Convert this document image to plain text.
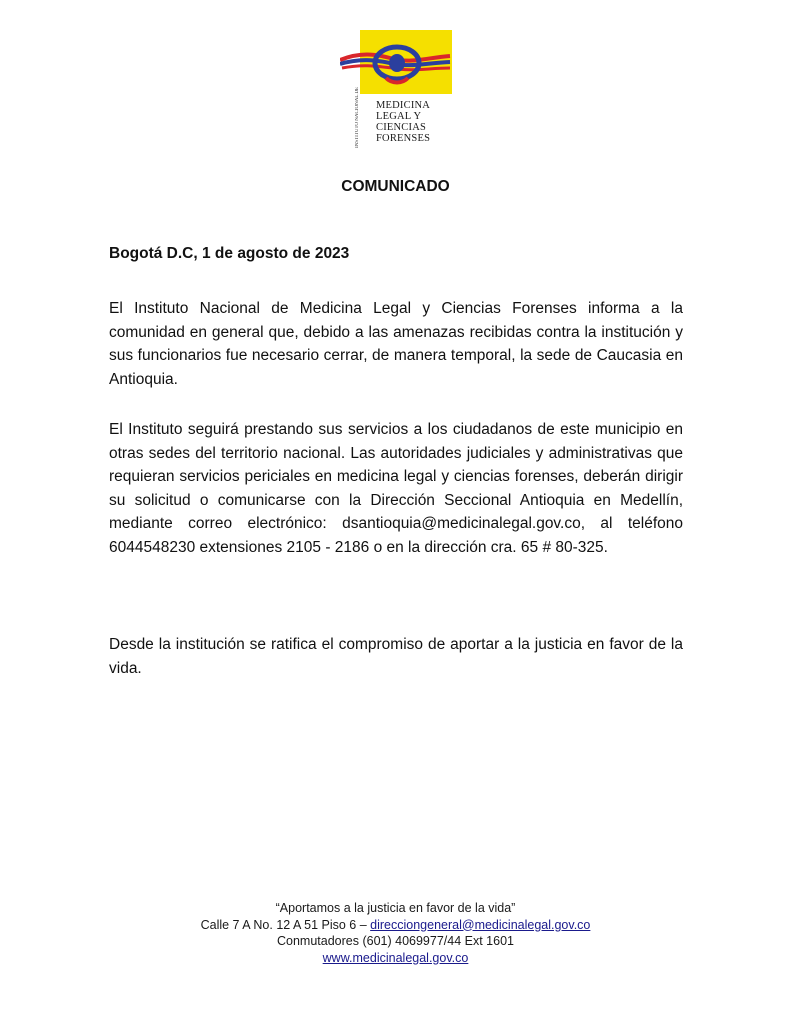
INSTITUTO NACIONAL DE	MEDICINA
LEGAL Y
CIENCIAS
FORENSES
COMUNICADO
Bogotá D.C, 1 de agosto de 2023

El Instituto Nacional de Medicina Legal y Ciencias Forenses informa a la comunidad en general que, debido a las amenazas recibidas contra la institución y sus funcionarios fue necesario cerrar, de manera temporal, la sede de Caucasia en Antioquia.

El Instituto seguirá prestando sus servicios a los ciudadanos de este municipio en otras sedes del territorio nacional. Las autoridades judiciales y administrativas que requieran servicios periciales en medicina legal y ciencias forenses, deberán dirigir su solicitud o comunicarse con la Dirección Seccional Antioquia en Medellín, mediante correo electrónico: dsantioquia@medicinalegal.gov.co, al teléfono 6044548230 extensiones 2105 - 2186 o en la dirección cra. 65 # 80-325.

Desde la institución se ratifica el compromiso de aportar a la justicia en favor de la vida.

“Aportamos a la justicia en favor de la vida”
Calle 7 A No. 12 A 51 Piso 6 – direcciongeneral@medicinalegal.gov.co
Conmutadores (601) 4069977/44 Ext 1601
www.medicinalegal.gov.co
